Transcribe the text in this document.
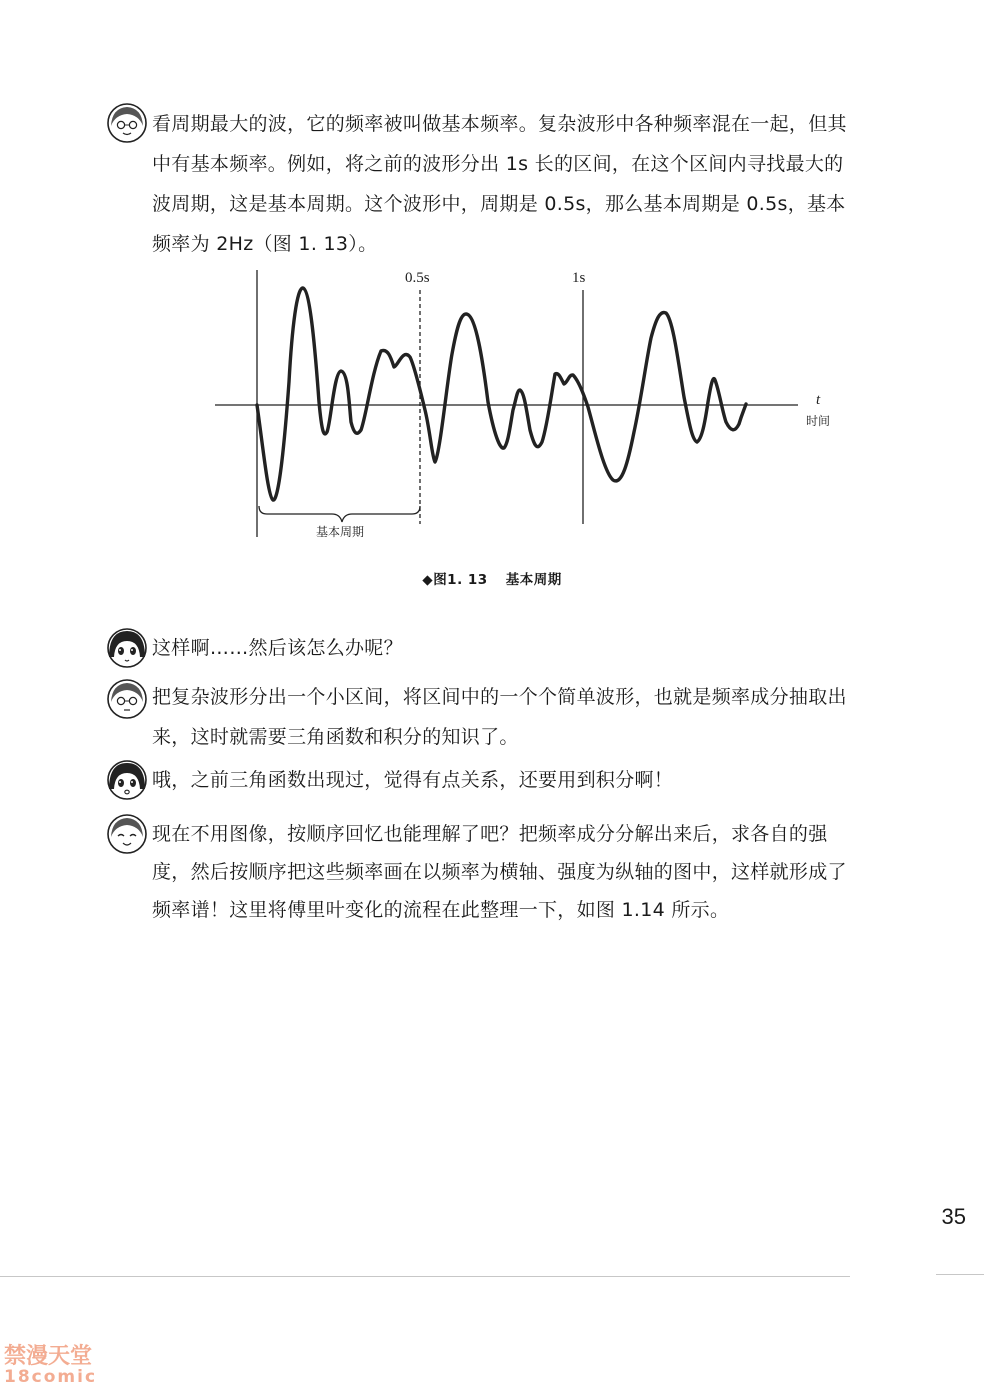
看周期最大的波，它的频率被叫做基本频率。复杂波形中各种频率混在一起，但其
中有基本频率。例如，将之前的波形分出 1s 长的区间，在这个区间内寻找最大的
波周期，这是基本周期。这个波形中，周期是 0.5s，那么基本周期是 0.5s，基本
频率为 2Hz（图 1. 13）。

0.5s	1s
t
时间
基本周期
◆图1. 13 基本周期

这样啊……然后该怎么办呢？

把复杂波形分出一个小区间，将区间中的一个个简单波形，也就是频率成分抽取出
来，这时就需要三角函数和积分的知识了。

哦，之前三角函数出现过，觉得有点关系，还要用到积分啊！

现在不用图像，按顺序回忆也能理解了吧？把频率成分分解出来后，求各自的强
度，然后按顺序把这些频率画在以频率为横轴、强度为纵轴的图中，这样就形成了
频率谱！这里将傅里叶变化的流程在此整理一下，如图 1.14 所示。

35
禁漫天堂
18comic
